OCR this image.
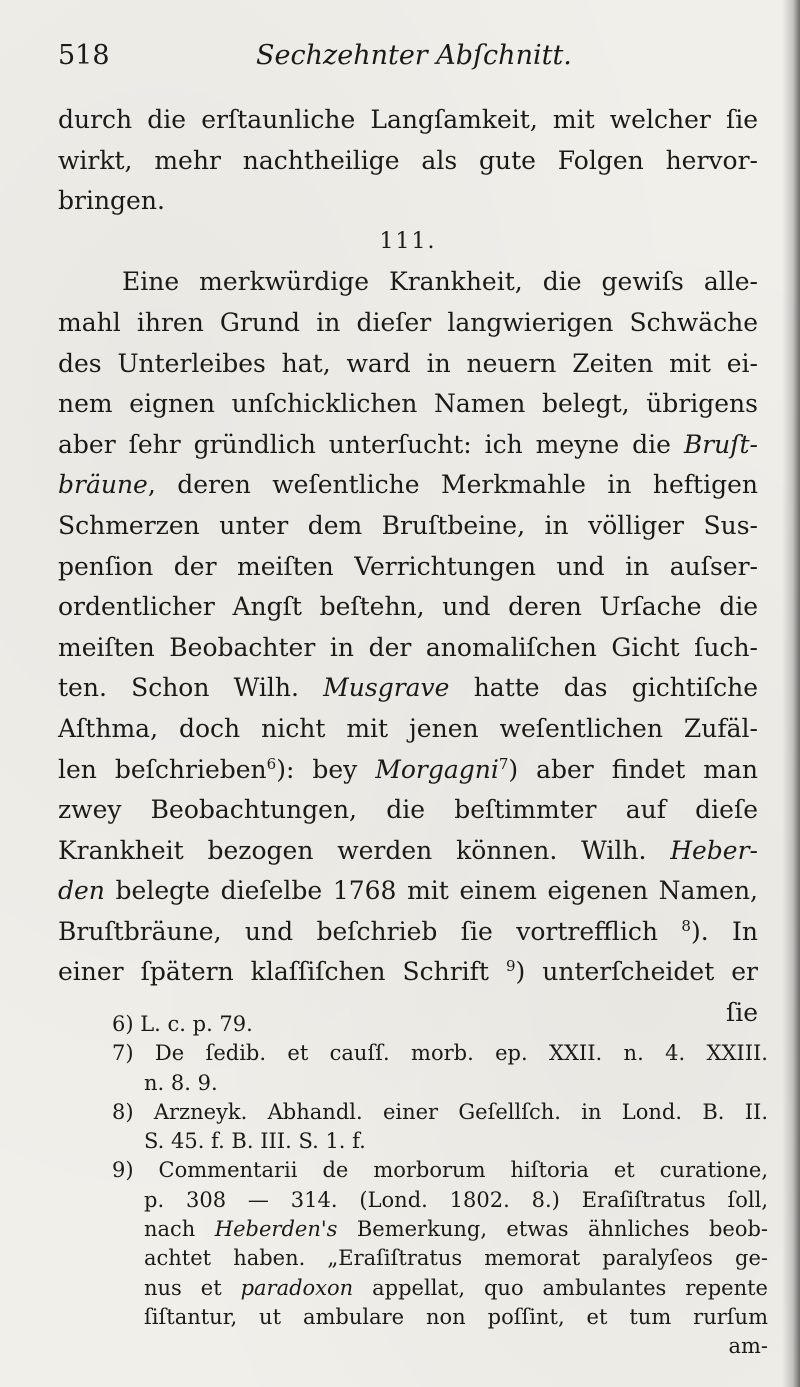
518	Sechzehnter Abſchnitt.
durch die erſtaunliche Langſamkeit, mit welcher ſie
wirkt, mehr nachtheilige als gute Folgen hervor-
bringen.
111.
Eine merkwürdige Krankheit, die gewiſs alle-
mahl ihren Grund in dieſer langwierigen Schwäche
des Unterleibes hat, ward in neuern Zeiten mit ei-
nem eignen unſchicklichen Namen belegt, übrigens
aber ſehr gründlich unterſucht: ich meyne die Bruſt-
bräune, deren weſentliche Merkmahle in heftigen
Schmerzen unter dem Bruſtbeine, in völliger Sus-
penſion der meiſten Verrichtungen und in auſser-
ordentlicher Angſt beſtehn, und deren Urſache die
meiſten Beobachter in der anomaliſchen Gicht ſuch-
ten. Schon Wilh. Musgrave hatte das gichtiſche
Aſthma, doch nicht mit jenen weſentlichen Zufäl-
len beſchrieben$^6$): bey Morgagni$^7$) aber findet man
zwey Beobachtungen, die beſtimmter auf dieſe
Krankheit bezogen werden können. Wilh. Heber-
den belegte dieſelbe 1768 mit einem eigenen Namen,
Bruſtbräune, und beſchrieb ſie vortrefflich $^8$). In
einer ſpätern klaſſiſchen Schrift $^9$) unterſcheidet er
ſie
6) L. c. p. 79.
7) De ſedib. et cauſſ. morb. ep. XXII. n. 4. XXIII.
n. 8. 9.
8) Arzneyk. Abhandl. einer Geſellſch. in Lond. B. II.
S. 45. f. B. III. S. 1. f.
9) Commentarii de morborum hiſtoria et curatione,
p. 308 — 314. (Lond. 1802. 8.) Eraſiſtratus ſoll,
nach Heberden's Bemerkung, etwas ähnliches beob-
achtet haben. „Eraſiſtratus memorat paralyſeos ge-
nus et paradoxon appellat, quo ambulantes repente
ſiſtantur, ut ambulare non poſſint, et tum rurſum
am-
